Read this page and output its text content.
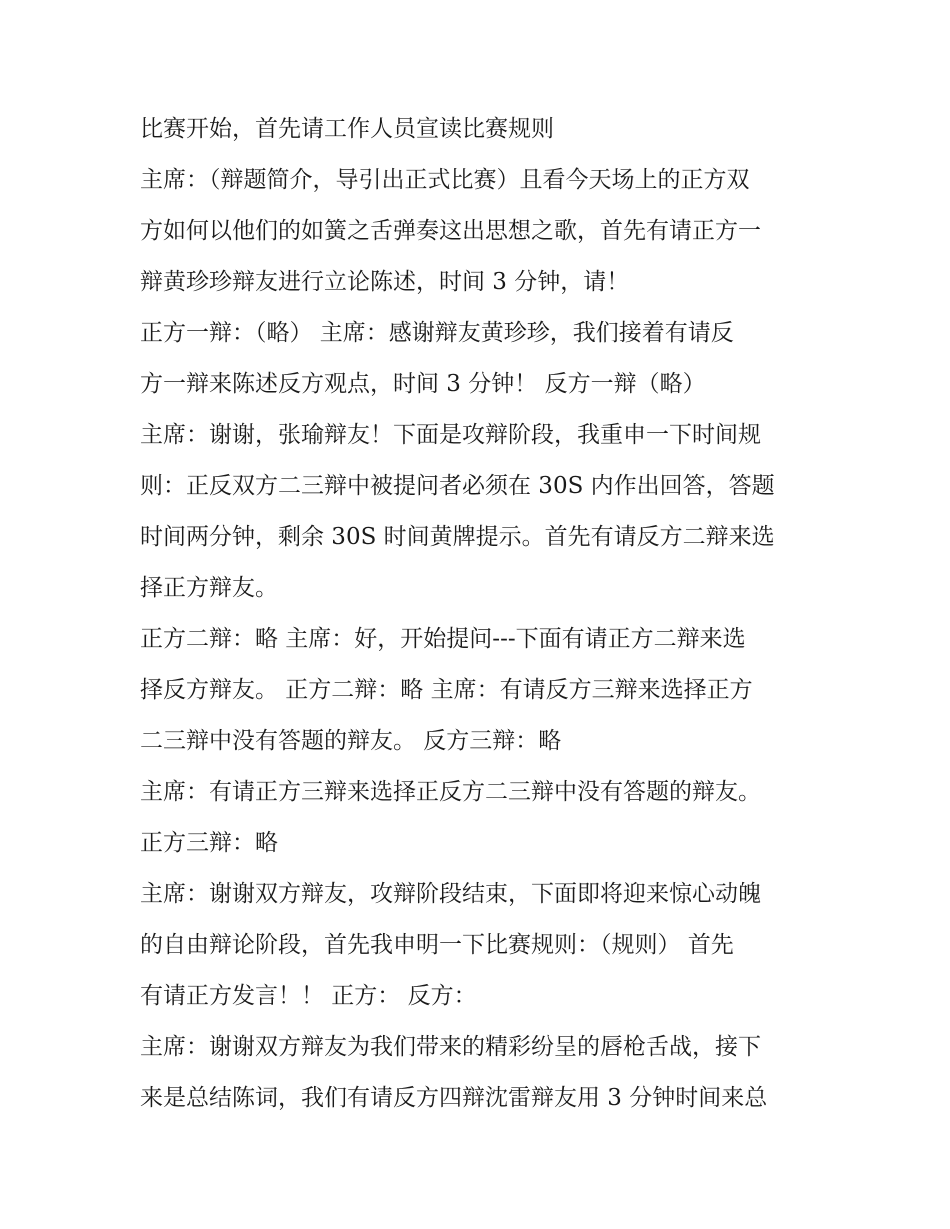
比赛开始，首先请工作人员宣读比赛规则
主席：（辩题简介，导引出正式比赛）且看今天场上的正方双
方如何以他们的如簧之舌弹奏这出思想之歌，首先有请正方一
辩黄珍珍辩友进行立论陈述，时间 3 分钟，请！
正方一辩：（略） 主席：感谢辩友黄珍珍，我们接着有请反
方一辩来陈述反方观点，时间 3 分钟！ 反方一辩（略）
主席：谢谢，张瑜辩友！下面是攻辩阶段，我重申一下时间规
则：正反双方二三辩中被提问者必须在 30S 内作出回答，答题
时间两分钟，剩余 30S 时间黄牌提示。首先有请反方二辩来选
择正方辩友。
正方二辩：略 主席：好，开始提问---下面有请正方二辩来选
择反方辩友。 正方二辩：略 主席：有请反方三辩来选择正方
二三辩中没有答题的辩友。 反方三辩：略
主席：有请正方三辩来选择正反方二三辩中没有答题的辩友。
正方三辩：略
主席：谢谢双方辩友，攻辩阶段结束，下面即将迎来惊心动魄
的自由辩论阶段，首先我申明一下比赛规则：（规则） 首先
有请正方发言！！ 正方： 反方：
主席：谢谢双方辩友为我们带来的精彩纷呈的唇枪舌战，接下
来是总结陈词，我们有请反方四辩沈雷辩友用 3 分钟时间来总
